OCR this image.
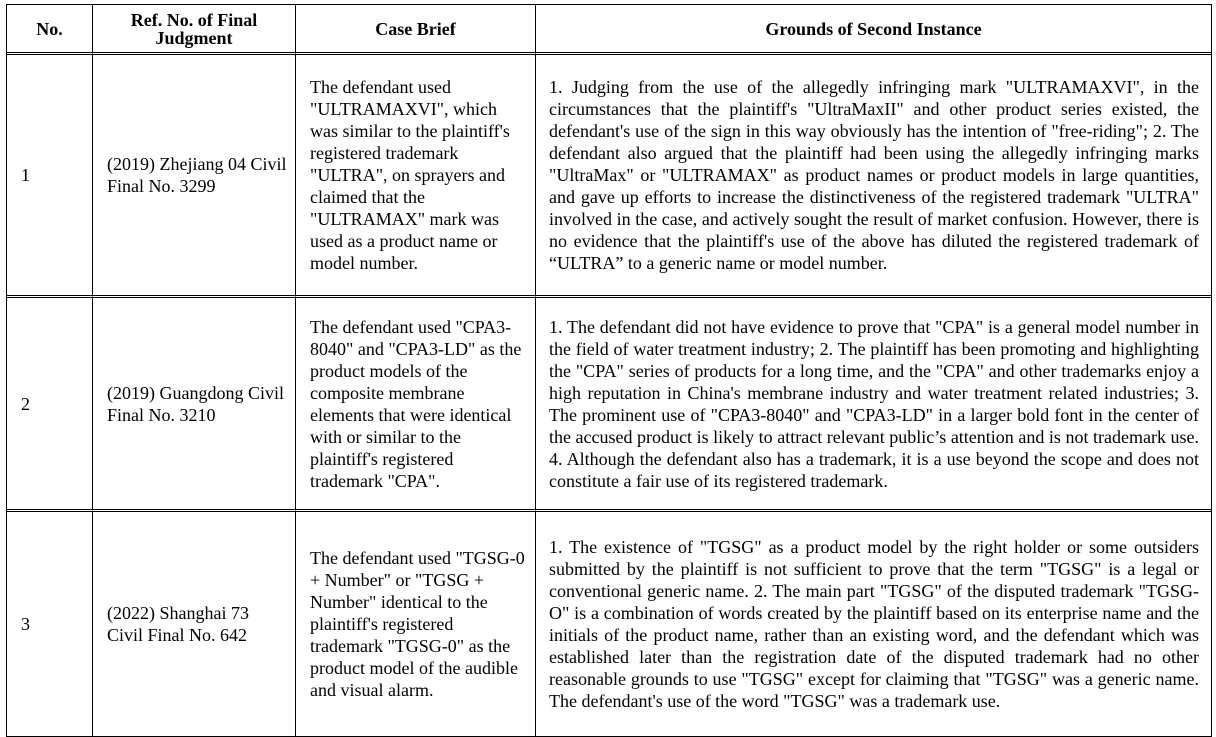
No.	Ref. No. of Final Judgment	Case Brief	Grounds of Second Instance
1	(2019) Zhejiang 04 Civil Final No. 3299	The defendant used "ULTRAMAXVI", which was similar to the plaintiff's registered trademark "ULTRA", on sprayers and claimed that the "ULTRAMAX" mark was used as a product name or model number.	1. Judging from the use of the allegedly infringing mark "ULTRAMAXVI", in the circumstances that the plaintiff's "UltraMaxII" and other product series existed, the defendant's use of the sign in this way obviously has the intention of "free-riding"; 2. The defendant also argued that the plaintiff had been using the allegedly infringing marks "UltraMax" or "ULTRAMAX" as product names or product models in large quantities, and gave up efforts to increase the distinctiveness of the registered trademark "ULTRA" involved in the case, and actively sought the result of market confusion. However, there is no evidence that the plaintiff's use of the above has diluted the registered trademark of “ULTRA” to a generic name or model number.
2	(2019) Guangdong Civil Final No. 3210	The defendant used "CPA3-8040" and "CPA3-LD" as the product models of the composite membrane elements that were identical with or similar to the plaintiff's registered trademark "CPA".	1. The defendant did not have evidence to prove that "CPA" is a general model number in the field of water treatment industry; 2. The plaintiff has been promoting and highlighting the "CPA" series of products for a long time, and the "CPA" and other trademarks enjoy a high reputation in China's membrane industry and water treatment related industries; 3. The prominent use of "CPA3-8040" and "CPA3-LD" in a larger bold font in the center of the accused product is likely to attract relevant public’s attention and is not trademark use. 4. Although the defendant also has a trademark, it is a use beyond the scope and does not constitute a fair use of its registered trademark.
3	(2022) Shanghai 73 Civil Final No. 642	The defendant used "TGSG-0 + Number" or "TGSG + Number" identical to the plaintiff's registered trademark "TGSG-0" as the product model of the audible and visual alarm.	1. The existence of "TGSG" as a product model by the right holder or some outsiders submitted by the plaintiff is not sufficient to prove that the term "TGSG" is a legal or conventional generic name. 2. The main part "TGSG" of the disputed trademark "TGSG-O" is a combination of words created by the plaintiff based on its enterprise name and the initials of the product name, rather than an existing word, and the defendant which was established later than the registration date of the disputed trademark had no other reasonable grounds to use "TGSG" except for claiming that "TGSG" was a generic name. The defendant's use of the word "TGSG" was a trademark use.
